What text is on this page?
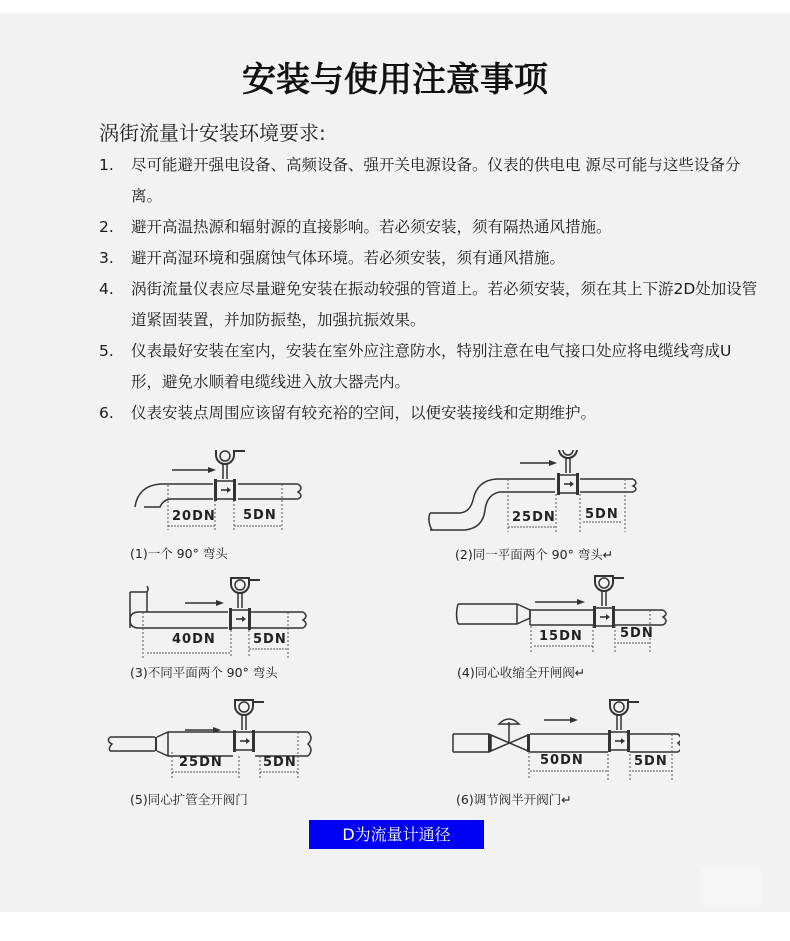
安装与使用注意事项
涡街流量计安装环境要求:
1.	尽可能避开强电设备、高频设备、强开关电源设备。仪表的供电电 源尽可能与这些设备分离。
2.	避开高温热源和辐射源的直接影响。若必须安装，须有隔热通风措施。
3.	避开高湿环境和强腐蚀气体环境。若必须安装，须有通风措施。
4.	涡街流量仪表应尽量避免安装在振动较强的管道上。若必须安装，须在其上下游2D处加设管道紧固装置，并加防振垫，加强抗振效果。
5.	仪表最好安装在室内，安装在室外应注意防水，特别注意在电气接口处应将电缆线弯成U形，避免水顺着电缆线进入放大器壳内。
6.	仪表安装点周围应该留有较充裕的空间，以便安装接线和定期维护。
20DN 5DN
(1)一个 90° 弯头
25DN 5DN
(2)同一平面两个 90° 弯头↵
40DN	5DN
(3)不同平面两个 90° 弯头
15DN	5DN
(4)同心收缩全开闸阀↵
25DN	5DN
(5)同心扩管全开阀门
50DN	5DN
(6)调节阀半开阀门↵
D为流量计通径
